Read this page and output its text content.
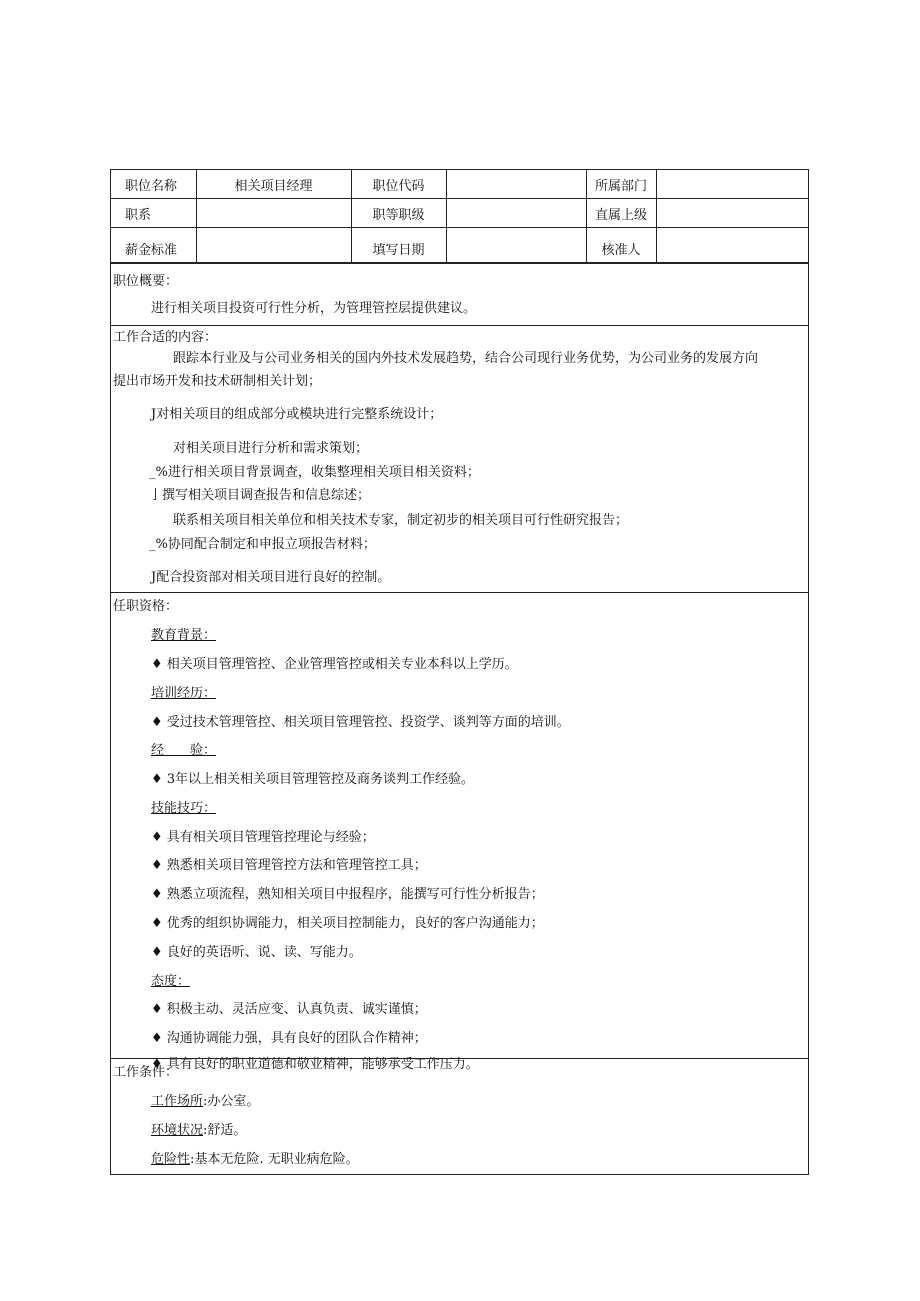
职位名称	相关项目经理	职位代码		所属部门	
职系		职等职级		直属上级	
薪金标准		填写日期		核准人	
职位概要：
进行相关项目投资可行性分析，为管理管控层提供建议。
工作合适的内容：
跟踪本行业及与公司业务相关的国内外技术发展趋势，结合公司现行业务优势，为公司业务的发展方向
提出市场开发和技术研制相关计划；
J对相关项目的组成部分或模块进行完整系统设计；
对相关项目进行分析和需求策划；
_%进行相关项目背景调查，收集整理相关项目相关资料；
亅撰写相关项目调查报告和信息综述；
联系相关项目相关单位和相关技术专家，制定初步的相关项目可行性研究报告；
_%协同配合制定和申报立项报告材料；
J配合投资部对相关项目进行良好的控制。
任职资格：
教育背景：
♦ 相关项目管理管控、企业管理管控或相关专业本科以上学历。
培训经历：
♦ 受过技术管理管控、相关项目管理管控、投资学、谈判等方面的培训。
经　　验：
♦ 3年以上相关相关项目管理管控及商务谈判工作经验。
技能技巧：
♦ 具有相关项目管理管控理论与经验；
♦ 熟悉相关项目管理管控方法和管理管控工具；
♦ 熟悉立项流程，熟知相关项目中报程序，能撰写可行性分析报告；
♦ 优秀的组织协调能力，相关项目控制能力，良好的客户沟通能力；
♦ 良好的英语听、说、读、写能力。
态度：
♦ 积极主动、灵活应变、认真负责、诚实谨慎；
♦ 沟通协调能力强，具有良好的团队合作精神；
♦ 具有良好的职业道德和敬业精神，能够承受工作压力。
工作条件：
工作场所:办公室。
环境状况:舒适。
危险性:基本无危险. 无职业病危险。
